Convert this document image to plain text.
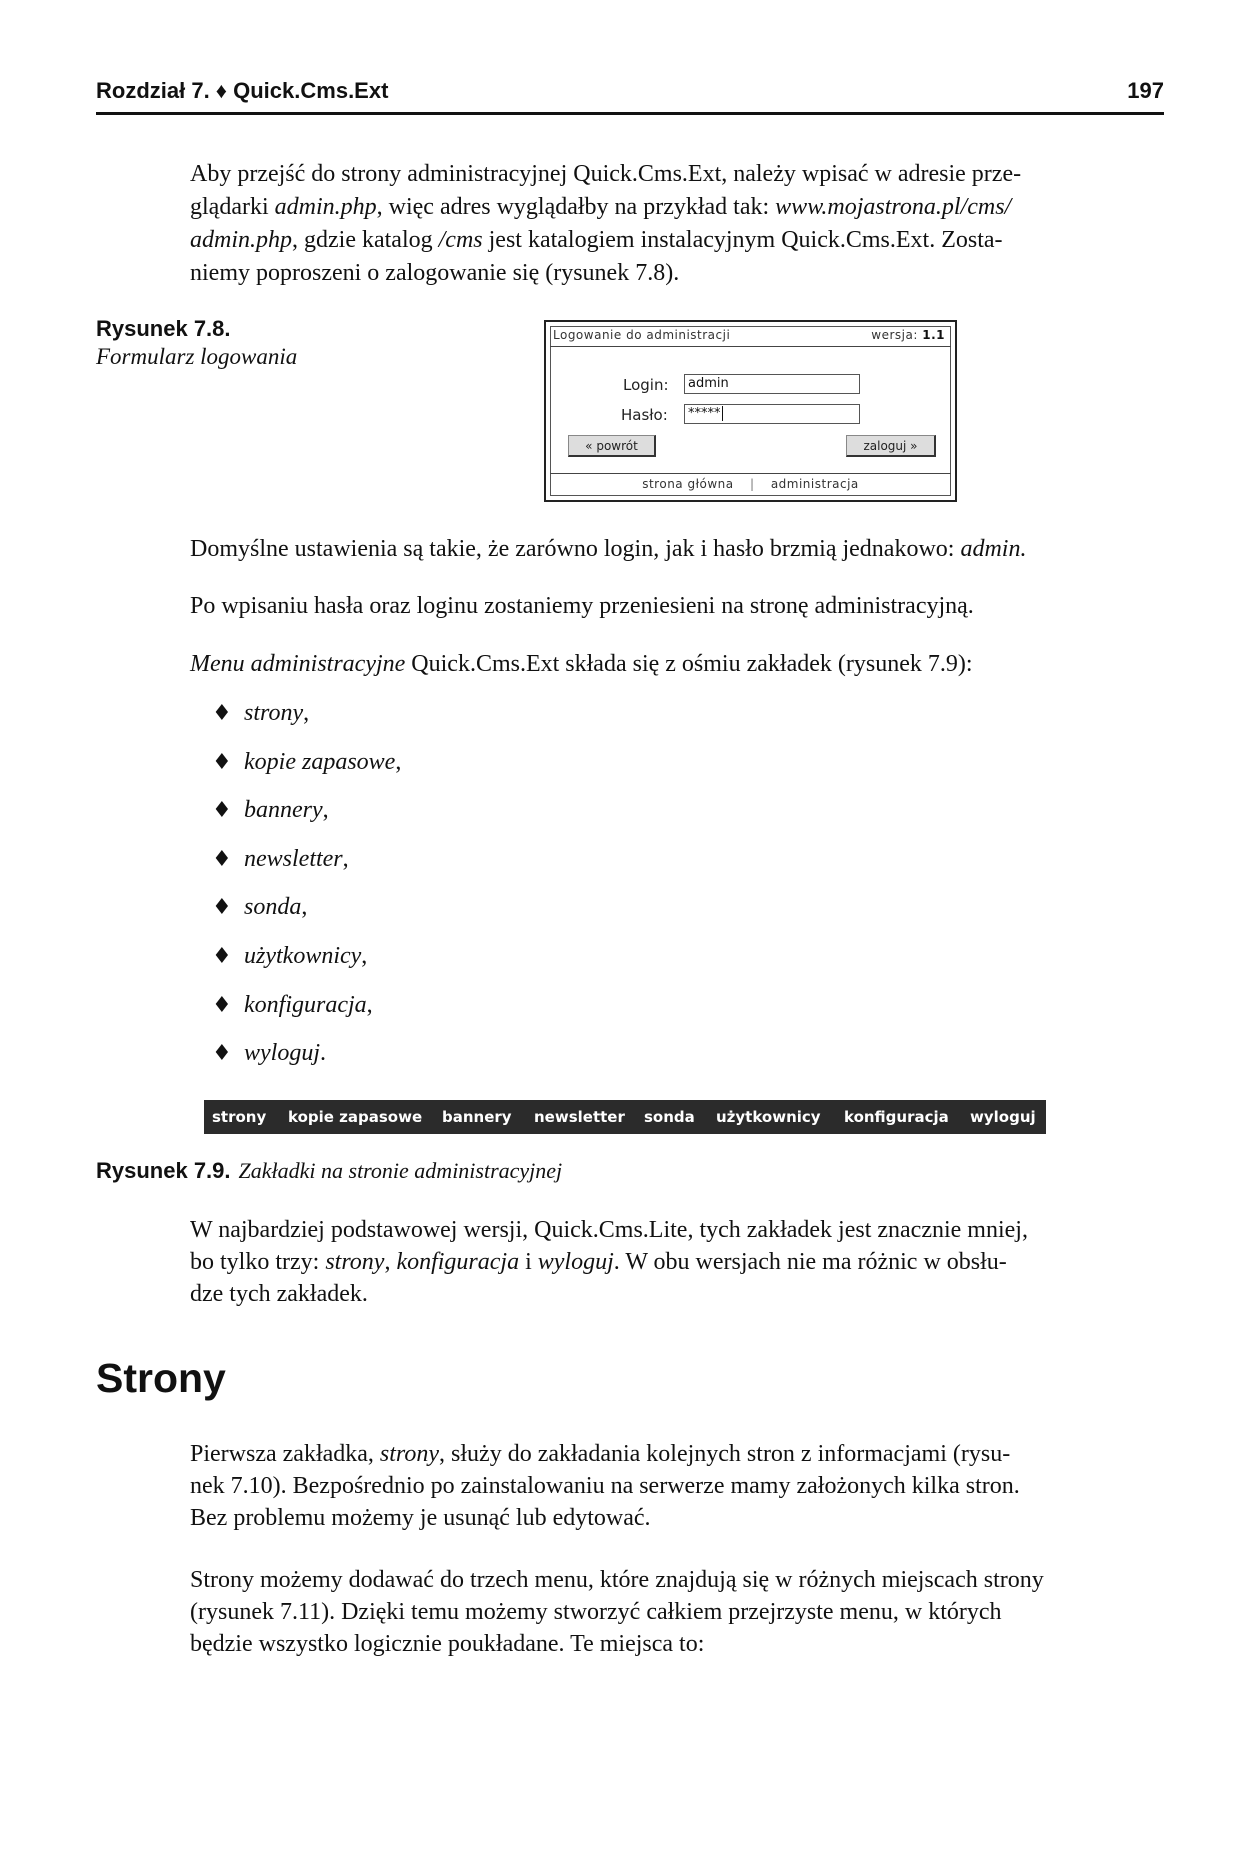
Rozdział 7. ♦ Quick.Cms.Ext	197
Aby przejść do strony administracyjnej Quick.Cms.Ext, należy wpisać w adresie prze-
glądarki admin.php, więc adres wyglądałby na przykład tak: www.mojastrona.pl/cms/
admin.php, gdzie katalog /cms jest katalogiem instalacyjnym Quick.Cms.Ext. Zosta-
niemy poproszeni o zalogowanie się (rysunek 7.8).
Rysunek 7.8.
Formularz logowania
Logowanie do administracji	wersja: 1.1
Login:	admin
Hasło:	*****
« powrót	zaloguj »
strona główna | administracja
Domyślne ustawienia są takie, że zarówno login, jak i hasło brzmią jednakowo: admin.
Po wpisaniu hasła oraz loginu zostaniemy przeniesieni na stronę administracyjną.
Menu administracyjne Quick.Cms.Ext składa się z ośmiu zakładek (rysunek 7.9):
♦ strony,
♦ kopie zapasowe,
♦ bannery,
♦ newsletter,
♦ sonda,
♦ użytkownicy,
♦ konfiguracja,
♦ wyloguj.
strony kopie zapasowe bannery newsletter sonda użytkownicy konfiguracja wyloguj
Rysunek 7.9. Zakładki na stronie administracyjnej
W najbardziej podstawowej wersji, Quick.Cms.Lite, tych zakładek jest znacznie mniej,
bo tylko trzy: strony, konfiguracja i wyloguj. W obu wersjach nie ma różnic w obsłu-
dze tych zakładek.
Strony
Pierwsza zakładka, strony, służy do zakładania kolejnych stron z informacjami (rysu-
nek 7.10). Bezpośrednio po zainstalowaniu na serwerze mamy założonych kilka stron.
Bez problemu możemy je usunąć lub edytować.
Strony możemy dodawać do trzech menu, które znajdują się w różnych miejscach strony
(rysunek 7.11). Dzięki temu możemy stworzyć całkiem przejrzyste menu, w których
będzie wszystko logicznie poukładane. Te miejsca to:
